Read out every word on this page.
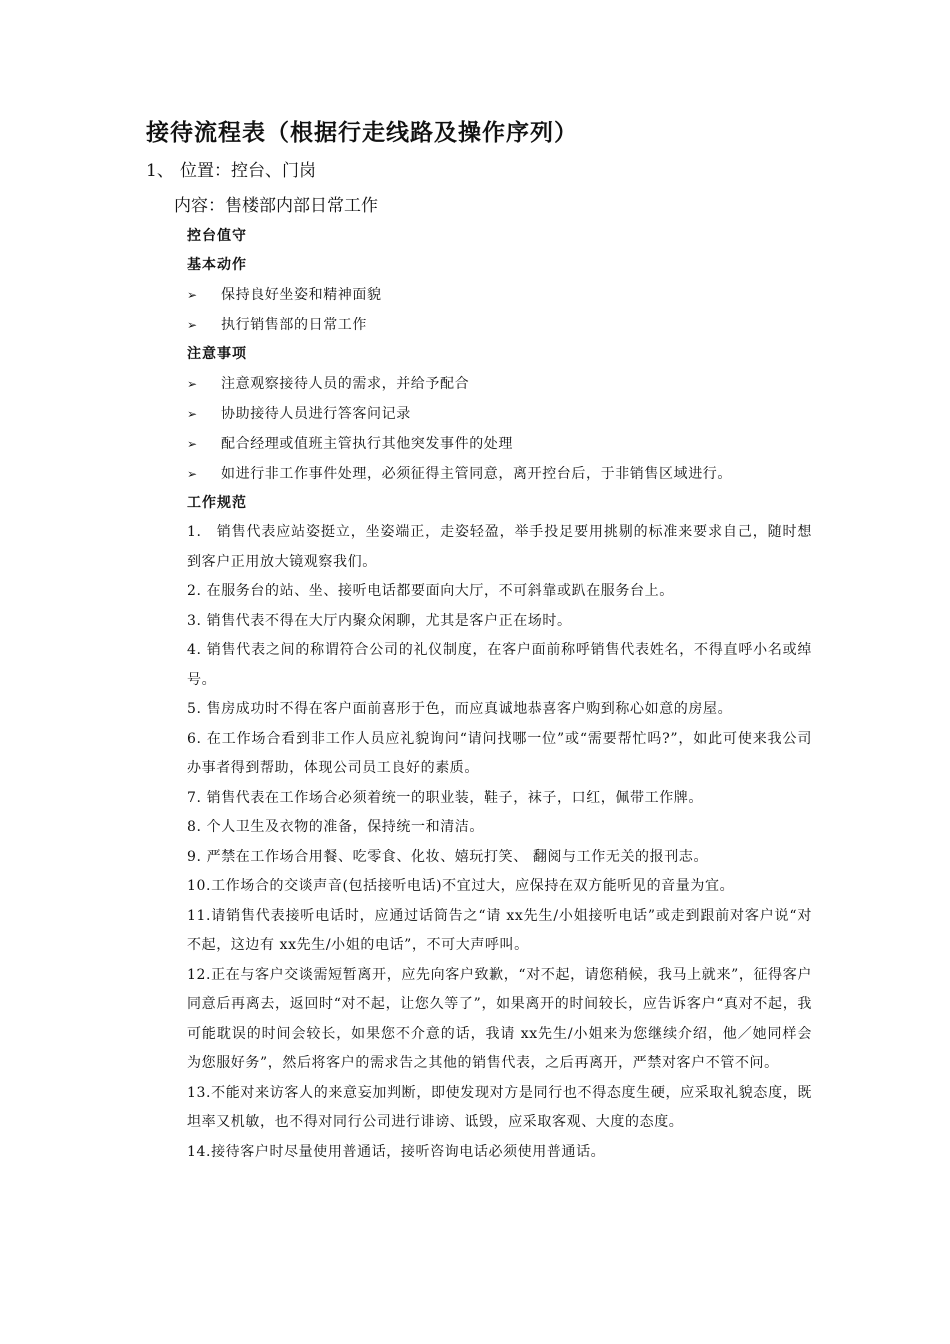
接待流程表（根据行走线路及操作序列）
1、 位置：控台、门岗
内容：售楼部内部日常工作
控台值守
基本动作
➢ 保持良好坐姿和精神面貌
➢ 执行销售部的日常工作
注意事项
➢ 注意观察接待人员的需求，并给予配合
➢ 协助接待人员进行答客问记录
➢ 配合经理或值班主管执行其他突发事件的处理
➢ 如进行非工作事件处理，必须征得主管同意，离开控台后，于非销售区域进行。
工作规范
1.　销售代表应站姿挺立，坐姿端正，走姿轻盈，举手投足要用挑剔的标准来要求自己，随时想到客户正用放大镜观察我们。
2. 在服务台的站、坐、接听电话都要面向大厅，不可斜靠或趴在服务台上。
3. 销售代表不得在大厅内聚众闲聊，尤其是客户正在场时。
4. 销售代表之间的称谓符合公司的礼仪制度，在客户面前称呼销售代表姓名，不得直呼小名或绰号。
5. 售房成功时不得在客户面前喜形于色，而应真诚地恭喜客户购到称心如意的房屋。
6. 在工作场合看到非工作人员应礼貌询问“请问找哪一位”或“需要帮忙吗?”，如此可使来我公司办事者得到帮助，体现公司员工良好的素质。
7. 销售代表在工作场合必须着统一的职业装，鞋子，袜子，口红，佩带工作牌。
8. 个人卫生及衣物的准备，保持统一和清洁。
9. 严禁在工作场合用餐、吃零食、化妆、嬉玩打笑、 翻阅与工作无关的报刊志。
10.工作场合的交谈声音(包括接听电话)不宜过大，应保持在双方能听见的音量为宜。
11.请销售代表接听电话时，应通过话筒告之“请 xx先生/小姐接听电话”或走到跟前对客户说“对不起，这边有 xx先生/小姐的电话”，不可大声呼叫。
12.正在与客户交谈需短暂离开，应先向客户致歉，“对不起，请您稍候，我马上就来”，征得客户同意后再离去，返回时“对不起，让您久等了”，如果离开的时间较长，应告诉客户“真对不起，我可能耽误的时间会较长，如果您不介意的话，我请 xx先生/小姐来为您继续介绍，他／她同样会为您服好务”，然后将客户的需求告之其他的销售代表，之后再离开，严禁对客户不管不问。
13.不能对来访客人的来意妄加判断，即使发现对方是同行也不得态度生硬，应采取礼貌态度，既坦率又机敏，也不得对同行公司进行诽谤、诋毁，应采取客观、大度的态度。
14.接待客户时尽量使用普通话，接听咨询电话必须使用普通话。
